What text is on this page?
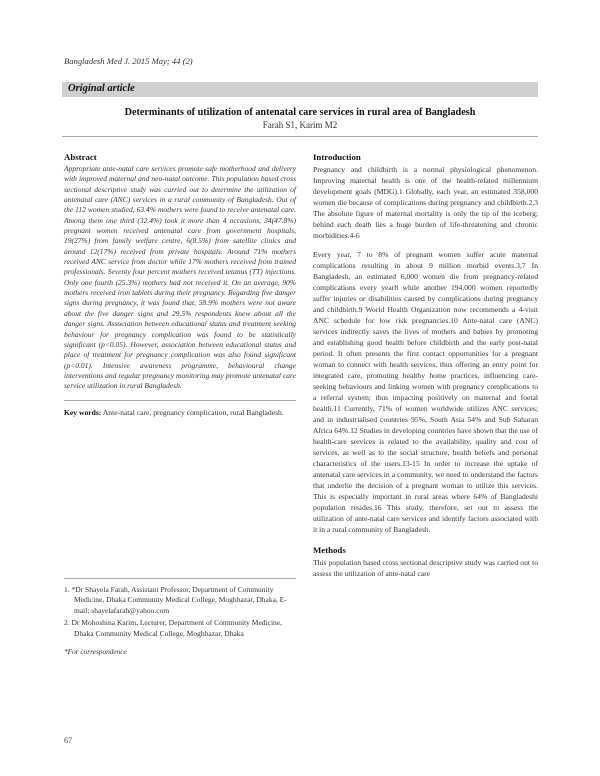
Bangladesh Med J. 2015 May; 44 (2)
Original article
Determinants of utilization of antenatal care services in rural area of Bangladesh
Farah S1, Karim M2
Abstract

Appropriate ante-natal care services promote safe motherhood and delivery with improved maternal and neo-natal outcome. This population based cross sectional descriptive study was carried out to determine the utilization of antenatal care (ANC) services in a rural community of Bangladesh. Out of the 112 women studied, 63.4% mothers were found to receive antenatal care. Among them one third (32.4%) took it more than 4 occasions, 34(47.8%) pregnant women received antenatal care from government hospitals, 19(27%) from family welfare centre, 6(8.5%) from satellite clinics and around 12(17%) received from private hospitals. Around 71% mothers received ANC service from doctor while 17% mothers received from trained professionals. Seventy four percent mothers received tetanus (TT) injections. Only one fourth (25.3%) mothers had not received it. On an average, 90% mothers received iron tablets during their pregnancy. Regarding five danger signs during pregnancy, it was found that, 58.9% mothers were not aware about the five danger signs and 29.5% respondents knew about all the danger signs. Association between educational status and treatment seeking behaviour for pregnancy complication was found to be statistically significant (p<0.05). However, association between educational status and place of treatment for pregnancy complication was also found significant (p<0.01). Intensive awareness programme, behavioural change interventions and regular pregnancy monitoring may promote antenatal care service utilization in rural Bangladesh.

Key words: Ante-natal care, pregnancy complication, rural Bangladesh.

1. *Dr Shayela Farah, Assistant Professor, Department of Community Medicine, Dhaka Community Medical College, Moghbazar, Dhaka, E-mail: shayelafarah@yahoo.com

2. Dr Mohoshina Karim, Lecturer, Department of Community Medicine, Dhaka Community Medical College, Moghbazar, Dhaka

*For correspondence

Introduction

Pregnancy and childbirth is a normal physiological phenomenon. Improving maternal health is one of the health-related millennium development goals (MDG).1 Globally, each year, an estimated 358,000 women die because of complications during pregnancy and childbirth.2,3 The absolute figure of maternal mortality is only the tip of the iceberg; behind each death lies a huge burden of life-threatening and chronic morbidities.4-6

Every year, 7 to 8% of pregnant women suffer acute maternal complications resulting in about 9 million morbid events.3,7 In Bangladesh, an estimated 6,000 women die from pregnancy-related complications every year8 while another 194,000 women reportedly suffer injuries or disabilities caused by complications during pregnancy and childbirth.9 World Health Organization now recommends a 4-visit ANC schedule for low risk pregnancies.10 Ante-natal care (ANC) services indirectly saves the lives of mothers and babies by promoting and establishing good health before childbirth and the early post-natal period. It often presents the first contact opportunities for a pregnant woman to connect with health services, thus offering an entry point for integrated care, promoting healthy home practices, influencing care-seeking behaviours and linking women with pregnancy complications to a referral system; thus impacting positively on maternal and foetal health.11 Currently, 71% of women worldwide utilizes ANC services; and in industrialised countries 95%, South Asia 54% and Sub Saharan Africa 64%.12 Studies in developing countries have shown that the use of health-care services is related to the availability, quality and cost of services, as well as to the social structure, health beliefs and personal characteristics of the users.13-15 In order to increase the uptake of antenatal care services in a community, we need to understand the factors that underlie the decision of a pregnant woman to utilize this services. This is especially important in rural areas where 64% of Bangladeshi population resides.16 This study, therefore, set out to assess the utilization of ante-natal care services and identify factors associated with it in a rural community of Bangladesh.

Methods

This population based cross sectional descriptive study was carried out to assess the utilization of ante-natal care

67
